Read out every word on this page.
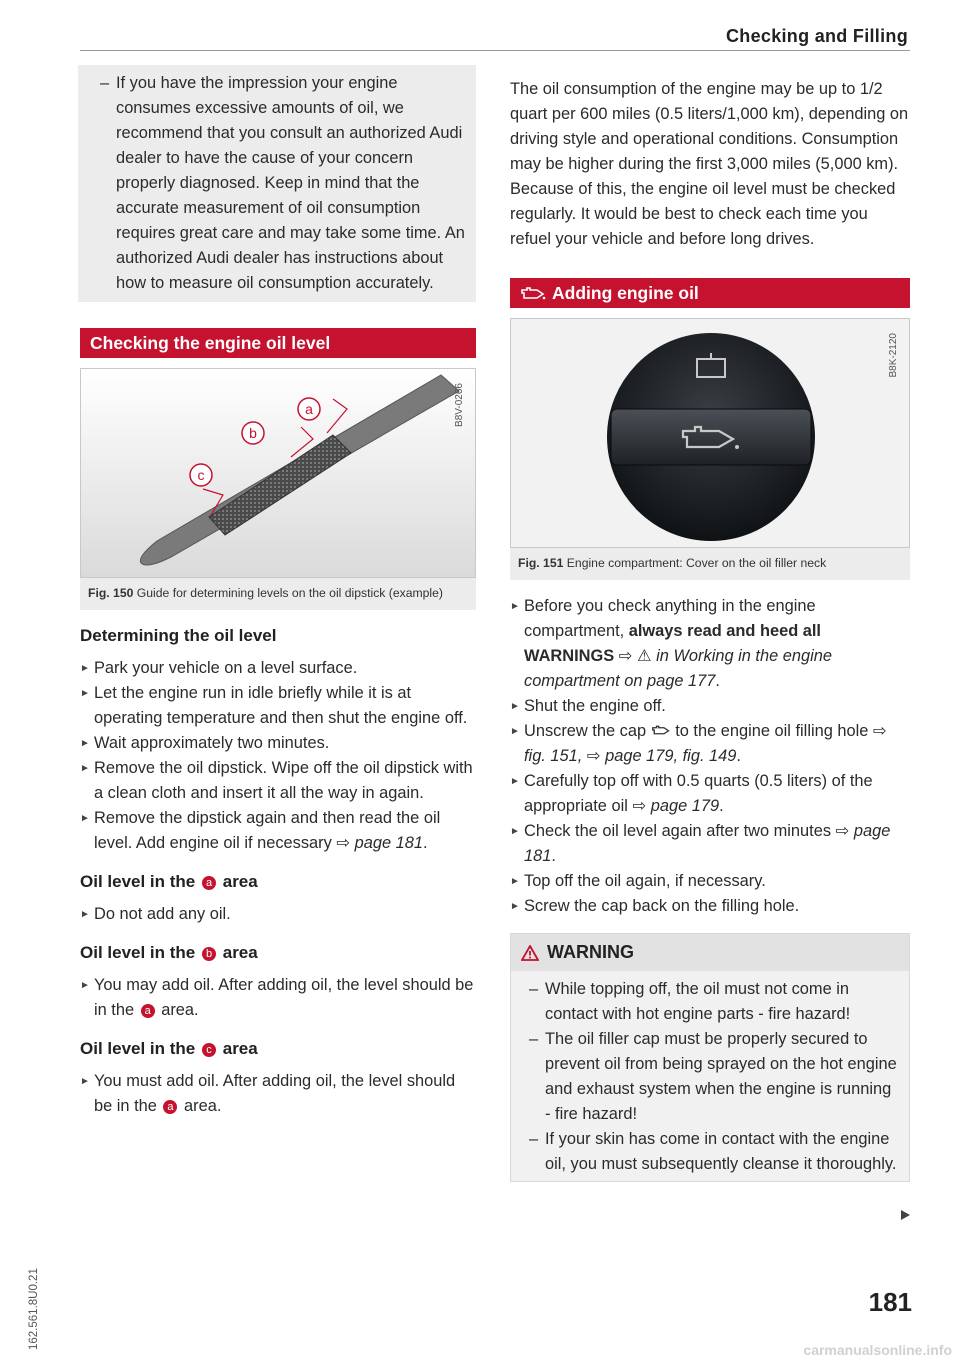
Checking and Filling
162.561.8U0.21

– If you have the impression your engine consumes excessive amounts of oil, we recommend that you consult an authorized Audi dealer to have the cause of your concern properly diagnosed. Keep in mind that the accurate measurement of oil consumption requires great care and may take some time. An authorized Audi dealer has instructions about how to measure oil consumption accurately.

Checking the engine oil level
a
b
c
B8V-0266
Fig. 150 Guide for determining levels on the oil dipstick (example)
Determining the oil level

► Park your vehicle on a level surface.

► Let the engine run in idle briefly while it is at operating temperature and then shut the engine off.

► Wait approximately two minutes.

► Remove the oil dipstick. Wipe off the oil dipstick with a clean cloth and insert it all the way in again.

► Remove the dipstick again and then read the oil level. Add engine oil if necessary ⇨ page 181.

Oil level in the a area

► Do not add any oil.

Oil level in the b area

► You may add oil. After adding oil, the level should be in the a area.

Oil level in the c area

► You must add oil. After adding oil, the level should be in the a area.

The oil consumption of the engine may be up to 1/2 quart per 600 miles (0.5 liters/1,000 km), depending on driving style and operational conditions. Consumption may be higher during the first 3,000 miles (5,000 km). Because of this, the engine oil level must be checked regularly. It would be best to check each time you refuel your vehicle and before long drives.

Adding engine oil
B8K-2120
Fig. 151 Engine compartment: Cover on the oil filler neck

► Before you check anything in the engine compartment, always read and heed all WARNINGS ⇨ ⚠ in Working in the engine compartment on page 177.

► Shut the engine off.

► Unscrew the cap to the engine oil filling hole ⇨ fig. 151, ⇨ page 179, fig. 149.

► Carefully top off with 0.5 quarts (0.5 liters) of the appropriate oil ⇨ page 179.

► Check the oil level again after two minutes ⇨ page 181.

► Top off the oil again, if necessary.

► Screw the cap back on the filling hole.

WARNING

– While topping off, the oil must not come in contact with hot engine parts - fire hazard!

– The oil filler cap must be properly secured to prevent oil from being sprayed on the hot engine and exhaust system when the engine is running - fire hazard!

– If your skin has come in contact with the engine oil, you must subsequently cleanse it thoroughly.

181
carmanualsonline.info
